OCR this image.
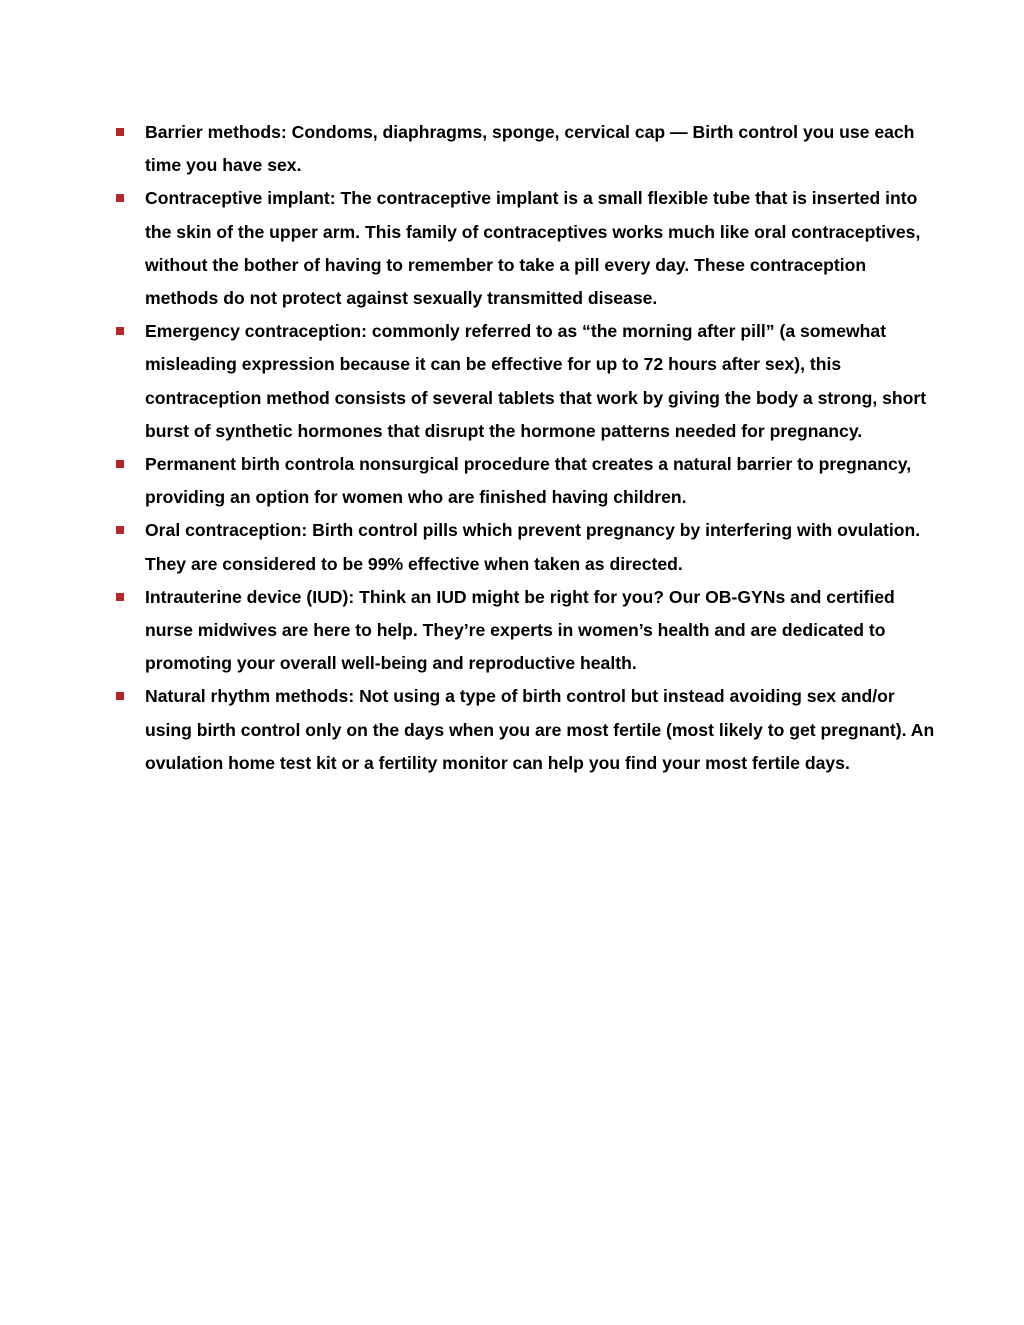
Barrier methods: Condoms, diaphragms, sponge, cervical cap — Birth control you use each time you have sex.
Contraceptive implant: The contraceptive implant is a small flexible tube that is inserted into the skin of the upper arm. This family of contraceptives works much like oral contraceptives, without the bother of having to remember to take a pill every day. These contraception methods do not protect against sexually transmitted disease.
Emergency contraception: commonly referred to as “the morning after pill” (a somewhat misleading expression because it can be effective for up to 72 hours after sex), this contraception method consists of several tablets that work by giving the body a strong, short burst of synthetic hormones that disrupt the hormone patterns needed for pregnancy.
Permanent birth controla nonsurgical procedure that creates a natural barrier to pregnancy, providing an option for women who are finished having children.
Oral contraception: Birth control pills which prevent pregnancy by interfering with ovulation. They are considered to be 99% effective when taken as directed.
Intrauterine device (IUD): Think an IUD might be right for you? Our OB-GYNs and certified nurse midwives are here to help. They’re experts in women’s health and are dedicated to promoting your overall well-being and reproductive health.
Natural rhythm methods: Not using a type of birth control but instead avoiding sex and/or using birth control only on the days when you are most fertile (most likely to get pregnant). An ovulation home test kit or a fertility monitor can help you find your most fertile days.
